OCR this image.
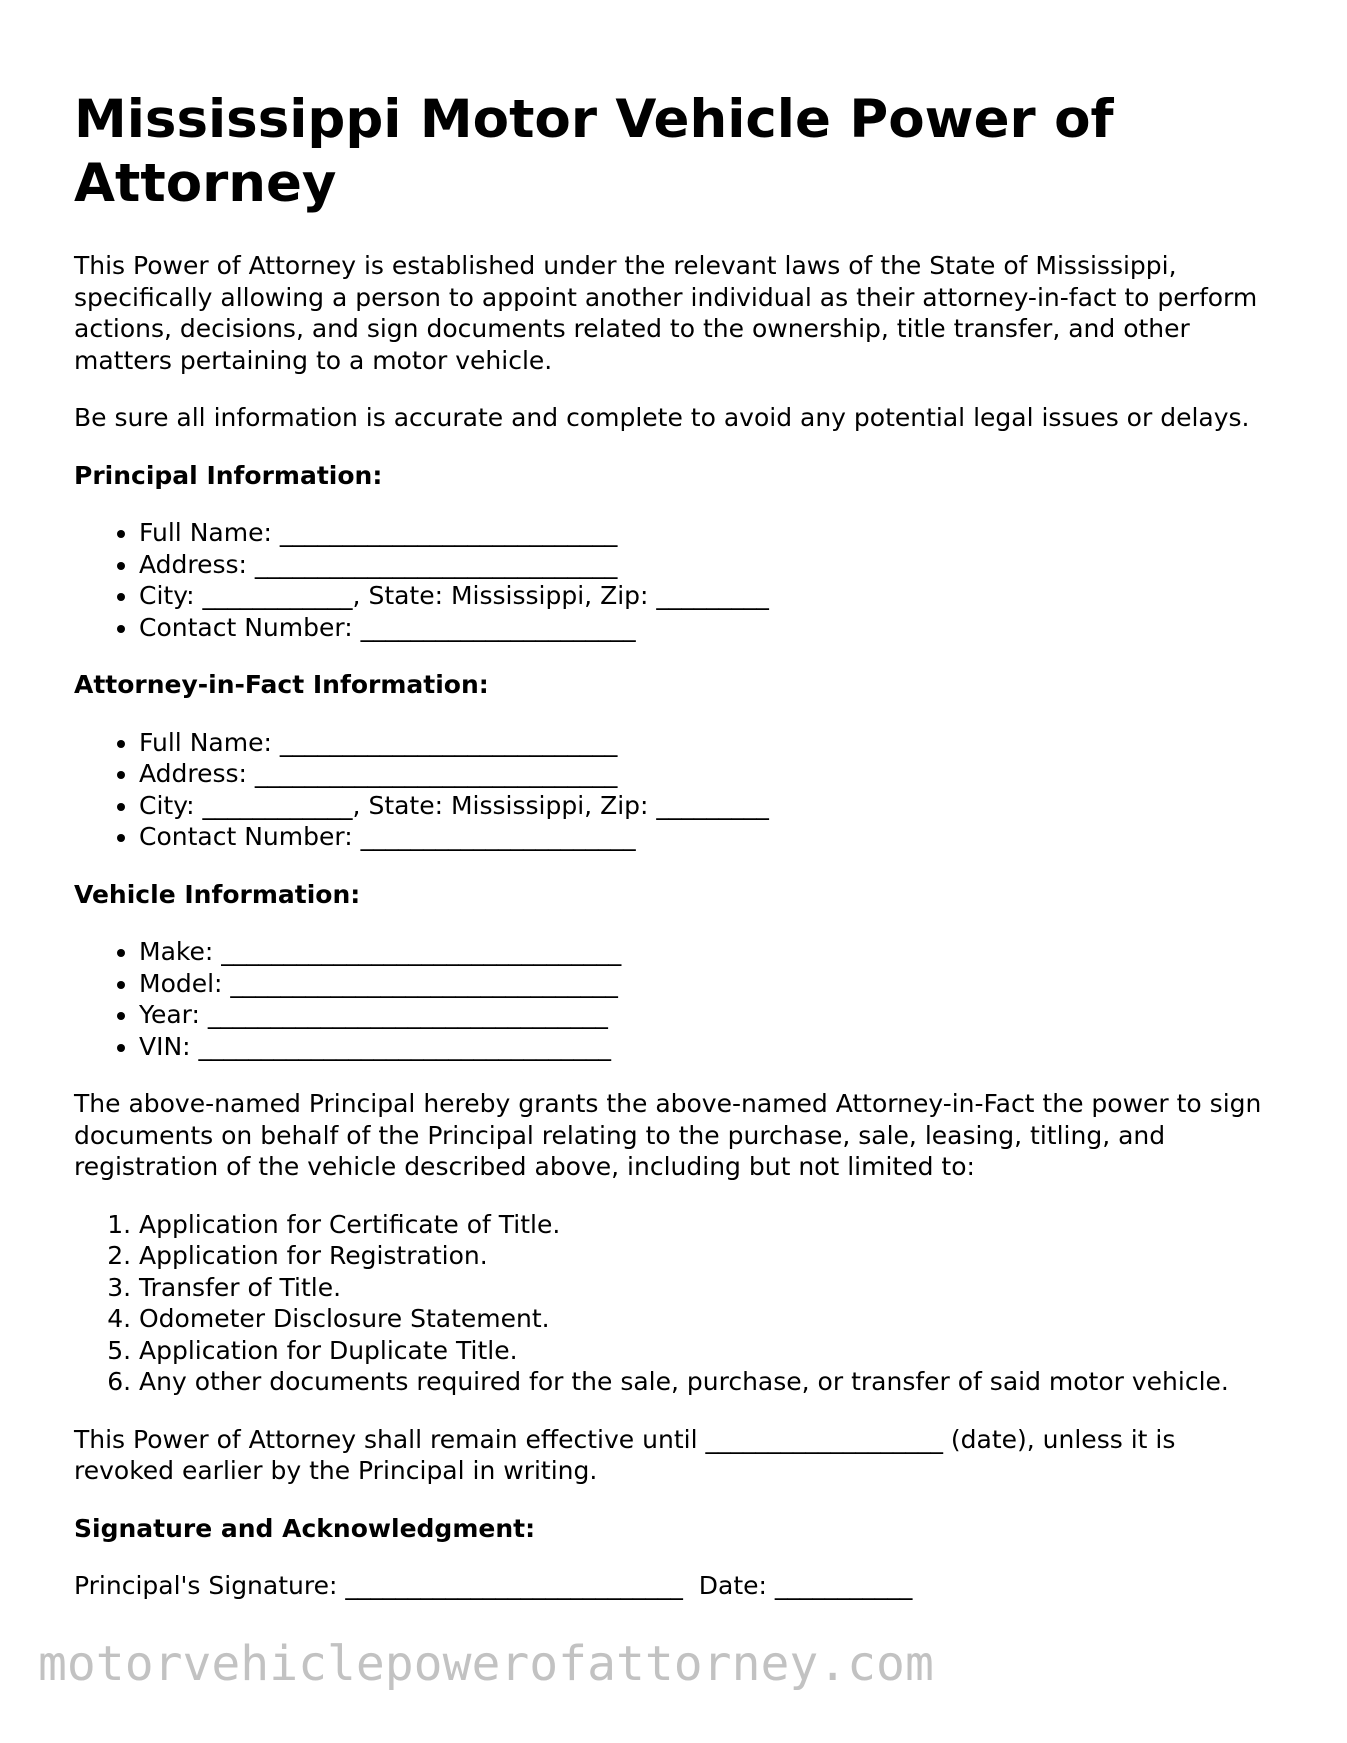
Mississippi Motor Vehicle Power of Attorney

This Power of Attorney is established under the relevant laws of the State of Mississippi, specifically allowing a person to appoint another individual as their attorney-in-fact to perform actions, decisions, and sign documents related to the ownership, title transfer, and other matters pertaining to a motor vehicle.

Be sure all information is accurate and complete to avoid any potential legal issues or delays.

Principal Information:
• Full Name: ___________________________
• Address: _____________________________
• City: ____________, State: Mississippi, Zip: _________
• Contact Number: ______________________
Attorney-in-Fact Information:
• Full Name: ___________________________
• Address: _____________________________
• City: ____________, State: Mississippi, Zip: _________
• Contact Number: ______________________
Vehicle Information:
• Make: ________________________________
• Model: _______________________________
• Year: ________________________________
• VIN: _________________________________

The above-named Principal hereby grants the above-named Attorney-in-Fact the power to sign documents on behalf of the Principal relating to the purchase, sale, leasing, titling, and registration of the vehicle described above, including but not limited to:

1. Application for Certificate of Title.
2. Application for Registration.
3. Transfer of Title.
4. Odometer Disclosure Statement.
5. Application for Duplicate Title.
6. Any other documents required for the sale, purchase, or transfer of said motor vehicle.

This Power of Attorney shall remain effective until ___________________ (date), unless it is revoked earlier by the Principal in writing.

Signature and Acknowledgment:
Principal's Signature: ___________________________  Date: ___________
motorvehiclepowerofattorney.com
